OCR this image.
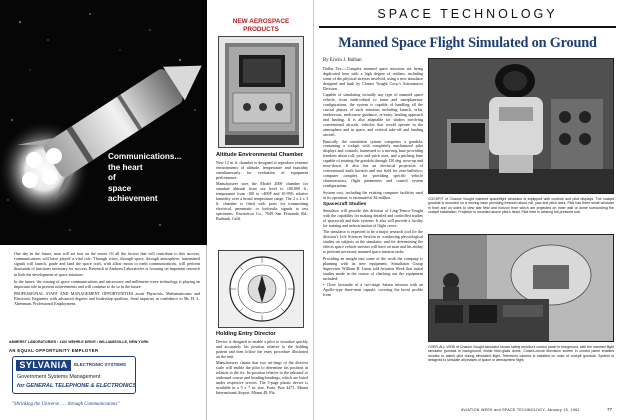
Communications...
the heart
of
space
achievement

One day in the future, man will set foot on the moon. Of all the factors that will contribute to this success, communications will have played a vital role. Through wires, through space, through atmosphere, transmitted signals will launch, guide and land the space craft, with allow moon to earth communications, will perform thousands of functions necessary for success. Research at Amherst Laboratories is focusing on important research in both the development of space missions.

In the future, the coming of space communications and microwave and millimeter wave technology is playing an important role in present achievements and will continue to do so in the future.

PROFESSIONAL STAFF AND MANAGEMENT OPPORTUNITIES await Physicists, Mathematicians and Electronic Engineers with advanced degrees and leadership qualities. Send inquiries in confidence to Mr. H. L. Ahrenman, Professional Employment.

AMHERST LABORATORIES • 1100 WEHRLE DRIVE • WILLIAMSVILLE, NEW YORK
AN EQUAL OPPORTUNITY EMPLOYER
SYLVANIA	ELECTRONIC SYSTEMS
Government Systems Management
for GENERAL TELEPHONE & ELECTRONICS
"Shrinking the Universe . . . through Communications"
NEW AEROSPACE
PRODUCTS
Altitude Environmental Chamber

New 12 in. ft. chamber is designed to reproduce extreme environments of altitude, temperature and humidity simultaneously for evaluation of equipment performance.

Manufacturer uses the Model 2000 chamber for simulate altitude from sea level to 100,000 ft., temperature from -100 to +400F and 10-95% relative humidity over a broad temperature range. The 2 x 2 x 3 ft. chamber is fitted with ports for transmitting electrical, pneumatic or hydraulic signals to test specimens. Envirotron Co., 7649 San Fernando Rd., Burbank, Calif.

Holding Entry Director

Device is designed to enable a pilot to visualize quickly and accurately his position relative to the holding pattern and then follow the entry procedure illustrated on the unit.

Manufacturer claims that two set-tings of the director scale will enable the pilot to determine his position in relation to the fix. Its position relative to the inbound or outbound course and heading-headings, which are listed under respective sectors. The 5-page plastic device is available in a 5 x 7 in. size. Forte, Box 4471, Miami International Airport, Miami 48, Fla.

SPACE TECHNOLOGY
Manned Space Flight Simulated on Ground
By Erwin J. Bulban

Dallas Tex.—Complex manned space missions are being duplicated here with a high degree of realism, including some of the physical stresses involved, using a new simulator designed and built by Chance Vought Corp.'s Astronautics Division.

Capable of simulating virtually any type of manned space vehicle, from earth-orbital to lunar and interplanetary configurations, the system is capable of handling all the crucial phases of such missions including launch, orbit, rendezvous, midcourse guidance, re-entry, landing approach and landing. It is also adaptable for studies involving conventional aircraft, vehicles that would operate in the atmosphere and in space, and vertical take-off and landing aircraft.

Basically, the simulation system comprises a gondola, containing a cockpit with completely mechanized pilot displays and controls, harnessed to a moving base providing freedom about roll, yaw and pitch axes, and a pitching base capable of rotating the gondola through 150 deg. nose-up and nose-down. It also has an electrical projection of conventional earth horizon and star field for zero-ballistics; computer complex for providing specific vehicle characteristics, flight parameters and control system configurations.

System cost, including the existing computer facilities used in its operation, is estimated at $2 million.

Spacecraft Studies

Simulator will provide this division of Ling-Temco-Vought with the capability for making detailed and controlled studies of spacecraft and their systems. It also will provide a facility for training and indoctrination of flight crews.

The simulator is expected to be a major research tool for the division's Life Sciences Section in conducting physiological studies on subjects in the simulator, and for determining the effects space vehicle stresses will have on man and his ability to perform necessary manned space mission tasks.

Providing an insight into some of the work the company is planning with its new equipment, Simulation Group Supervisor William B. Luton told Aviation Week that initial studies made in the course of checking out the equipment included:

• Close facsimile of a two-stage Saturn mission with an Apollo-type three-man capsule, covering the boost profile from

COCKPIT of Chance Vought manned spaceflight simulator is equipped with controls and pilot displays. The cockpit gondola is mounted on a moving base providing freedom about roll, yaw and pitch axes. Pilot has three small windows in front and on sides to view star field and horizon from which are projected on inner wall of dome surrounding the cockpit installation. Projector is mounted above pilot's head. Pilot here is wearing full-pressure suit.
OVER-ALL VIEW of Chance Vought simulator shows safety monitor's control panel in foreground, with the manned flight simulator gondola in background, inside blue-glass dome. Closed-circuit television screen in control panel enables monitor to watch pilot during simulated flight. Television camera is installed on nose of cockpit gondola. System is designed to simulate all phases of space or atmospheric flight.
AVIATION WEEK and SPACE TECHNOLOGY, January 15, 1962	77
